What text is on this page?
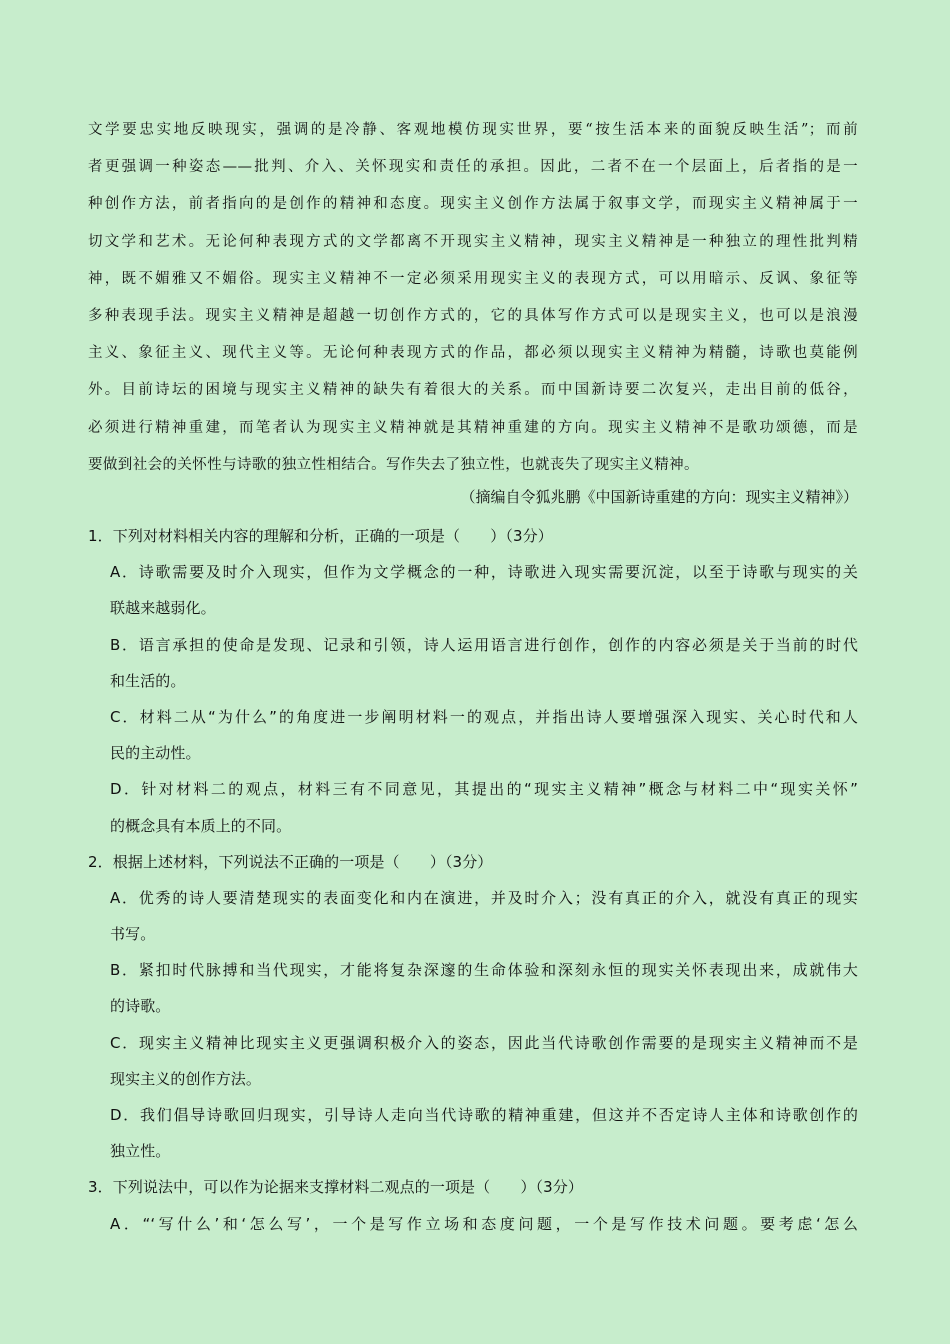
文学要忠实地反映现实，强调的是冷静、客观地模仿现实世界，要“按生活本来的面貌反映生活”；而前
者更强调一种姿态——批判、介入、关怀现实和责任的承担。因此，二者不在一个层面上，后者指的是一
种创作方法，前者指向的是创作的精神和态度。现实主义创作方法属于叙事文学，而现实主义精神属于一
切文学和艺术。无论何种表现方式的文学都离不开现实主义精神，现实主义精神是一种独立的理性批判精
神，既不媚雅又不媚俗。现实主义精神不一定必须采用现实主义的表现方式，可以用暗示、反讽、象征等
多种表现手法。现实主义精神是超越一切创作方式的，它的具体写作方式可以是现实主义，也可以是浪漫
主义、象征主义、现代主义等。无论何种表现方式的作品，都必须以现实主义精神为精髓，诗歌也莫能例
外。目前诗坛的困境与现实主义精神的缺失有着很大的关系。而中国新诗要二次复兴，走出目前的低谷，
必须进行精神重建，而笔者认为现实主义精神就是其精神重建的方向。现实主义精神不是歌功颂德，而是
要做到社会的关怀性与诗歌的独立性相结合。写作失去了独立性，也就丧失了现实主义精神。
（摘编自令狐兆鹏《中国新诗重建的方向：现实主义精神》）
1．下列对材料相关内容的理解和分析，正确的一项是（　　）（3分）
A．诗歌需要及时介入现实，但作为文学概念的一种，诗歌进入现实需要沉淀，以至于诗歌与现实的关
联越来越弱化。
B．语言承担的使命是发现、记录和引领，诗人运用语言进行创作，创作的内容必须是关于当前的时代
和生活的。
C．材料二从“为什么”的角度进一步阐明材料一的观点，并指出诗人要增强深入现实、关心时代和人
民的主动性。
D．针对材料二的观点，材料三有不同意见，其提出的“现实主义精神”概念与材料二中“现实关怀”
的概念具有本质上的不同。
2．根据上述材料，下列说法不正确的一项是（　　）（3分）
A．优秀的诗人要清楚现实的表面变化和内在演进，并及时介入；没有真正的介入，就没有真正的现实
书写。
B．紧扣时代脉搏和当代现实，才能将复杂深邃的生命体验和深刻永恒的现实关怀表现出来，成就伟大
的诗歌。
C．现实主义精神比现实主义更强调积极介入的姿态，因此当代诗歌创作需要的是现实主义精神而不是
现实主义的创作方法。
D．我们倡导诗歌回归现实，引导诗人走向当代诗歌的精神重建，但这并不否定诗人主体和诗歌创作的
独立性。
3．下列说法中，可以作为论据来支撑材料二观点的一项是（　　）（3分）
A．“‘写什么’和‘怎么写’，一个是写作立场和态度问题，一个是写作技术问题。要考虑‘怎么
